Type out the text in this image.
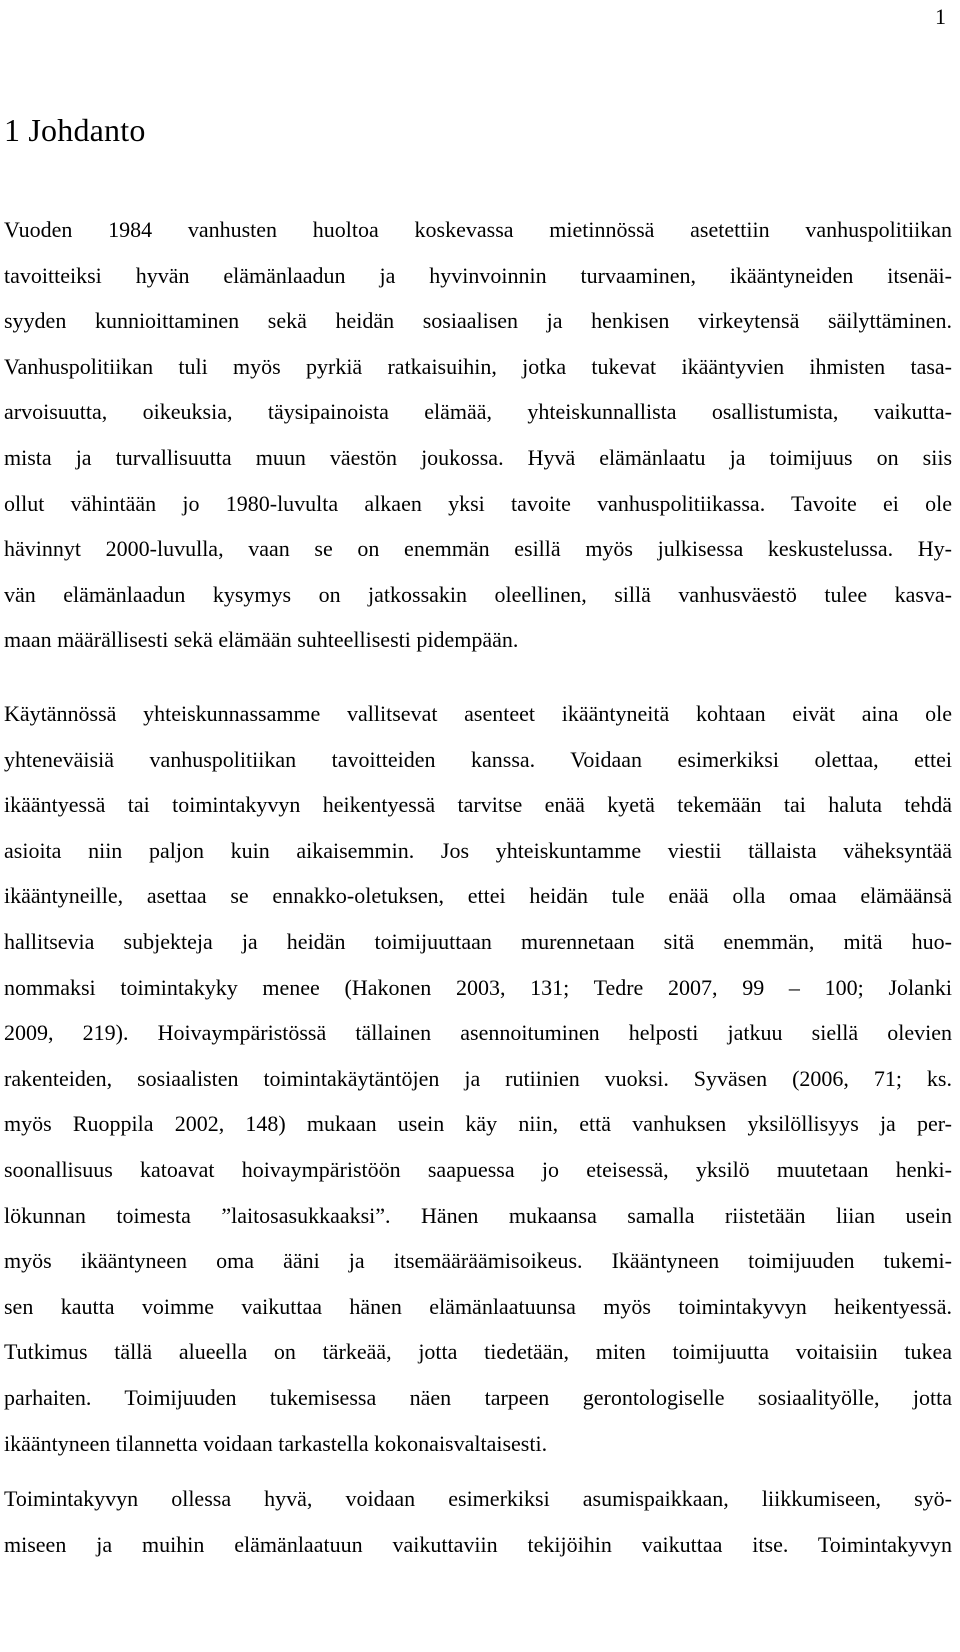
1
1 Johdanto

Vuoden 1984 vanhusten huoltoa koskevassa mietinnössä asetettiin vanhuspolitiikan

tavoitteiksi hyvän elämänlaadun ja hyvinvoinnin turvaaminen, ikääntyneiden itsenäi-

syyden kunnioittaminen sekä heidän sosiaalisen ja henkisen virkeytensä säilyttäminen.

Vanhuspolitiikan tuli myös pyrkiä ratkaisuihin, jotka tukevat ikääntyvien ihmisten tasa-

arvoisuutta, oikeuksia, täysipainoista elämää, yhteiskunnallista osallistumista, vaikutta-

mista ja turvallisuutta muun väestön joukossa. Hyvä elämänlaatu ja toimijuus on siis

ollut vähintään jo 1980-luvulta alkaen yksi tavoite vanhuspolitiikassa. Tavoite ei ole

hävinnyt 2000-luvulla, vaan se on enemmän esillä myös julkisessa keskustelussa. Hy-

vän elämänlaadun kysymys on jatkossakin oleellinen, sillä vanhusväestö tulee kasva-

maan määrällisesti sekä elämään suhteellisesti pidempään.

Käytännössä yhteiskunnassamme vallitsevat asenteet ikääntyneitä kohtaan eivät aina ole

yhteneväisiä vanhuspolitiikan tavoitteiden kanssa. Voidaan esimerkiksi olettaa, ettei

ikääntyessä tai toimintakyvyn heikentyessä tarvitse enää kyetä tekemään tai haluta tehdä

asioita niin paljon kuin aikaisemmin. Jos yhteiskuntamme viestii tällaista väheksyntää

ikääntyneille, asettaa se ennakko-oletuksen, ettei heidän tule enää olla omaa elämäänsä

hallitsevia subjekteja ja heidän toimijuuttaan murennetaan sitä enemmän, mitä huo-

nommaksi toimintakyky menee (Hakonen 2003, 131; Tedre 2007, 99 – 100; Jolanki

2009, 219). Hoivaympäristössä tällainen asennoituminen helposti jatkuu siellä olevien

rakenteiden, sosiaalisten toimintakäytäntöjen ja rutiinien vuoksi. Syväsen (2006, 71; ks.

myös Ruoppila 2002, 148) mukaan usein käy niin, että vanhuksen yksilöllisyys ja per-

soonallisuus katoavat hoivaympäristöön saapuessa jo eteisessä, yksilö muutetaan henki-

lökunnan toimesta ”laitosasukkaaksi”. Hänen mukaansa samalla riistetään liian usein

myös ikääntyneen oma ääni ja itsemääräämisoikeus. Ikääntyneen toimijuuden tukemi-

sen kautta voimme vaikuttaa hänen elämänlaatuunsa myös toimintakyvyn heikentyessä.

Tutkimus tällä alueella on tärkeää, jotta tiedetään, miten toimijuutta voitaisiin tukea

parhaiten. Toimijuuden tukemisessa näen tarpeen gerontologiselle sosiaalityölle, jotta

ikääntyneen tilannetta voidaan tarkastella kokonaisvaltaisesti.

Toimintakyvyn ollessa hyvä, voidaan esimerkiksi asumispaikkaan, liikkumiseen, syö-

miseen ja muihin elämänlaatuun vaikuttaviin tekijöihin vaikuttaa itse. Toimintakyvyn
